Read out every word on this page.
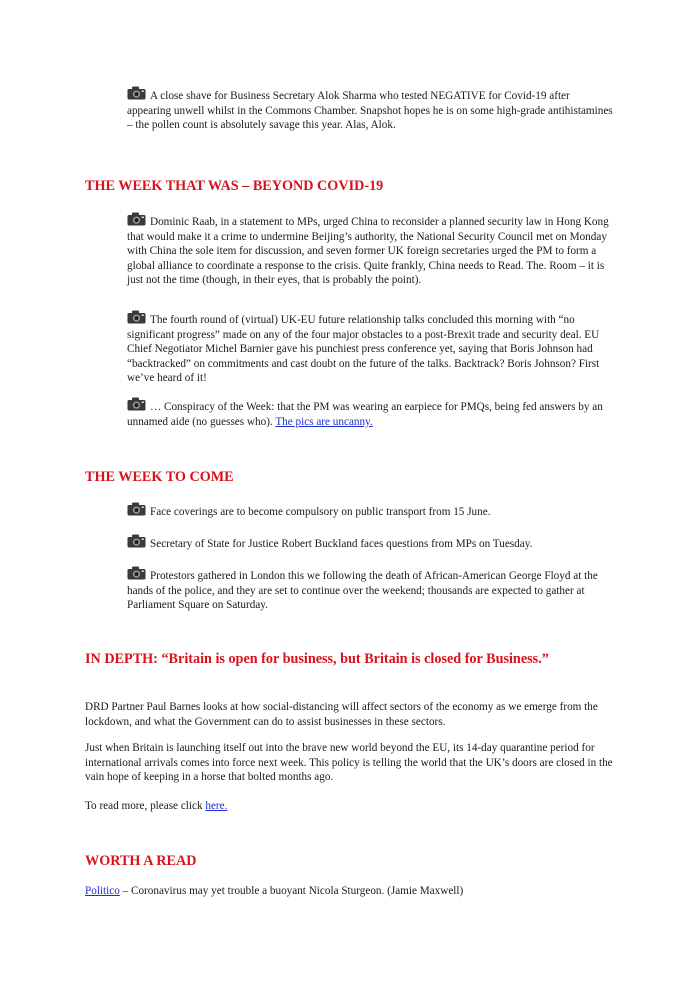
A close shave for Business Secretary Alok Sharma who tested NEGATIVE for Covid-19 after appearing unwell whilst in the Commons Chamber. Snapshot hopes he is on some high-grade antihistamines – the pollen count is absolutely savage this year. Alas, Alok.

THE WEEK THAT WAS – BEYOND COVID-19

Dominic Raab, in a statement to MPs, urged China to reconsider a planned security law in Hong Kong that would make it a crime to undermine Beijing’s authority, the National Security Council met on Monday with China the sole item for discussion, and seven former UK foreign secretaries urged the PM to form a global alliance to coordinate a response to the crisis. Quite frankly, China needs to Read. The. Room – it is just not the time (though, in their eyes, that is probably the point).

The fourth round of (virtual) UK-EU future relationship talks concluded this morning with “no significant progress” made on any of the four major obstacles to a post-Brexit trade and security deal. EU Chief Negotiator Michel Barnier gave his punchiest press conference yet, saying that Boris Johnson had “backtracked” on commitments and cast doubt on the future of the talks. Backtrack? Boris Johnson? First we’ve heard of it!

… Conspiracy of the Week: that the PM was wearing an earpiece for PMQs, being fed answers by an unnamed aide (no guesses who). The pics are uncanny.

THE WEEK TO COME

Face coverings are to become compulsory on public transport from 15 June.

Secretary of State for Justice Robert Buckland faces questions from MPs on Tuesday.

Protestors gathered in London this we following the death of African-American George Floyd at the hands of the police, and they are set to continue over the weekend; thousands are expected to gather at Parliament Square on Saturday.

IN DEPTH: “Britain is open for business, but Britain is closed for Business.”

DRD Partner Paul Barnes looks at how social-distancing will affect sectors of the economy as we emerge from the lockdown, and what the Government can do to assist businesses in these sectors.

Just when Britain is launching itself out into the brave new world beyond the EU, its 14-day quarantine period for international arrivals comes into force next week. This policy is telling the world that the UK’s doors are closed in the vain hope of keeping in a horse that bolted months ago.

To read more, please click here.

WORTH A READ

Politico – Coronavirus may yet trouble a buoyant Nicola Sturgeon. (Jamie Maxwell)
